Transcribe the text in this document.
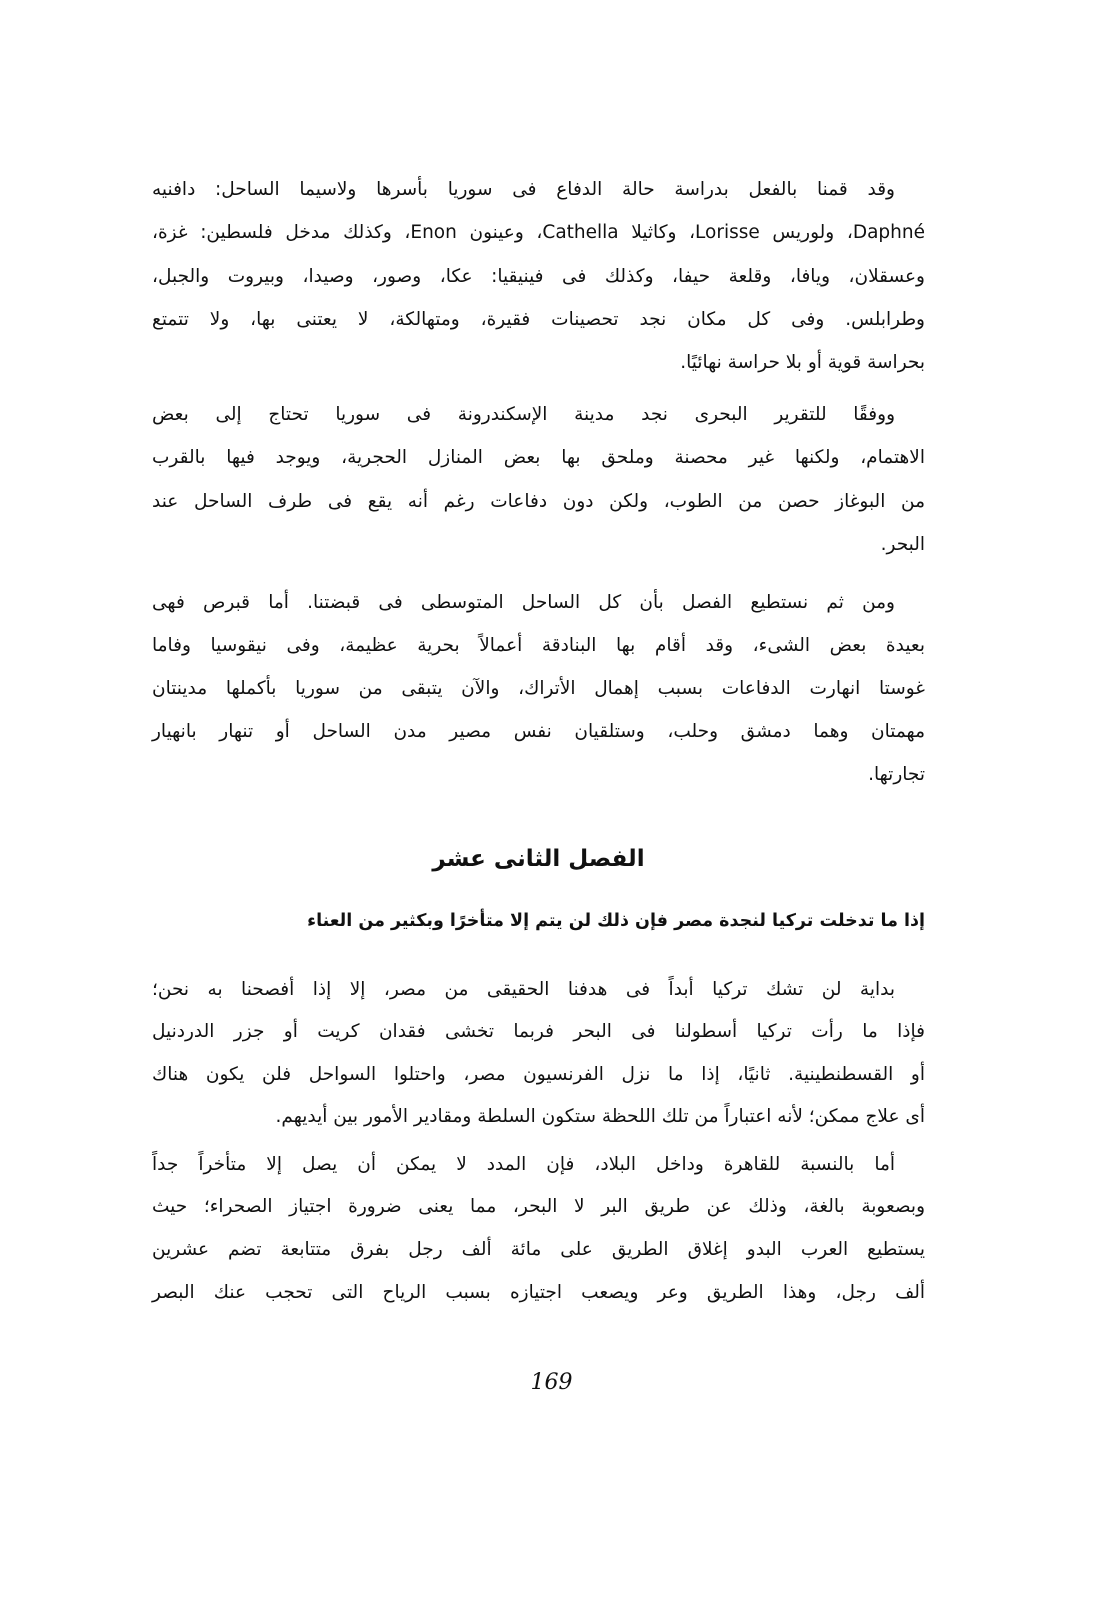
وقد قمنا بالفعل بدراسة حالة الدفاع فى سوريا بأسرها ولاسيما الساحل: دافنيه
Daphné، ولوريس Lorisse، وكاثيلا Cathella، وعينون Enon، وكذلك مدخل فلسطين: غزة،
وعسقلان، ويافا، وقلعة حيفا، وكذلك فى فينيقيا: عكا، وصور، وصيدا، وبيروت والجبل،
وطرابلس. وفى كل مكان نجد تحصينات فقيرة، ومتهالكة، لا يعتنى بها، ولا تتمتع
بحراسة قوية أو بلا حراسة نهائيًا.
ووفقًا للتقرير البحرى نجد مدينة الإسكندرونة فى سوريا تحتاج إلى بعض
الاهتمام، ولكنها غير محصنة وملحق بها بعض المنازل الحجرية، ويوجد فيها بالقرب
من البوغاز حصن من الطوب، ولكن دون دفاعات رغم أنه يقع فى طرف الساحل عند
البحر.
ومن ثم نستطيع الفصل بأن كل الساحل المتوسطى فى قبضتنا. أما قبرص فهى
بعيدة بعض الشىء، وقد أقام بها البنادقة أعمالاً بحرية عظيمة، وفى نيقوسيا وفاما
غوستا انهارت الدفاعات بسبب إهمال الأتراك، والآن يتبقى من سوريا بأكملها مدينتان
مهمتان وهما دمشق وحلب، وستلقيان نفس مصير مدن الساحل أو تنهار بانهيار
تجارتها.
الفصل الثانى عشر
إذا ما تدخلت تركيا لنجدة مصر فإن ذلك لن يتم إلا متأخرًا وبكثير من العناء
بداية لن تشك تركيا أبداً فى هدفنا الحقيقى من مصر، إلا إذا أفصحنا به نحن؛
فإذا ما رأت تركيا أسطولنا فى البحر فربما تخشى فقدان كريت أو جزر الدردنيل
أو القسطنطينية. ثانيًا، إذا ما نزل الفرنسيون مصر، واحتلوا السواحل فلن يكون هناك
أى علاج ممكن؛ لأنه اعتباراً من تلك اللحظة ستكون السلطة ومقادير الأمور بين أيديهم.
أما بالنسبة للقاهرة وداخل البلاد، فإن المدد لا يمكن أن يصل إلا متأخراً جداً
وبصعوبة بالغة، وذلك عن طريق البر لا البحر، مما يعنى ضرورة اجتياز الصحراء؛ حيث
يستطيع العرب البدو إغلاق الطريق على مائة ألف رجل بفرق متتابعة تضم عشرين
ألف رجل، وهذا الطريق وعر ويصعب اجتيازه بسبب الرياح التى تحجب عنك البصر
169
